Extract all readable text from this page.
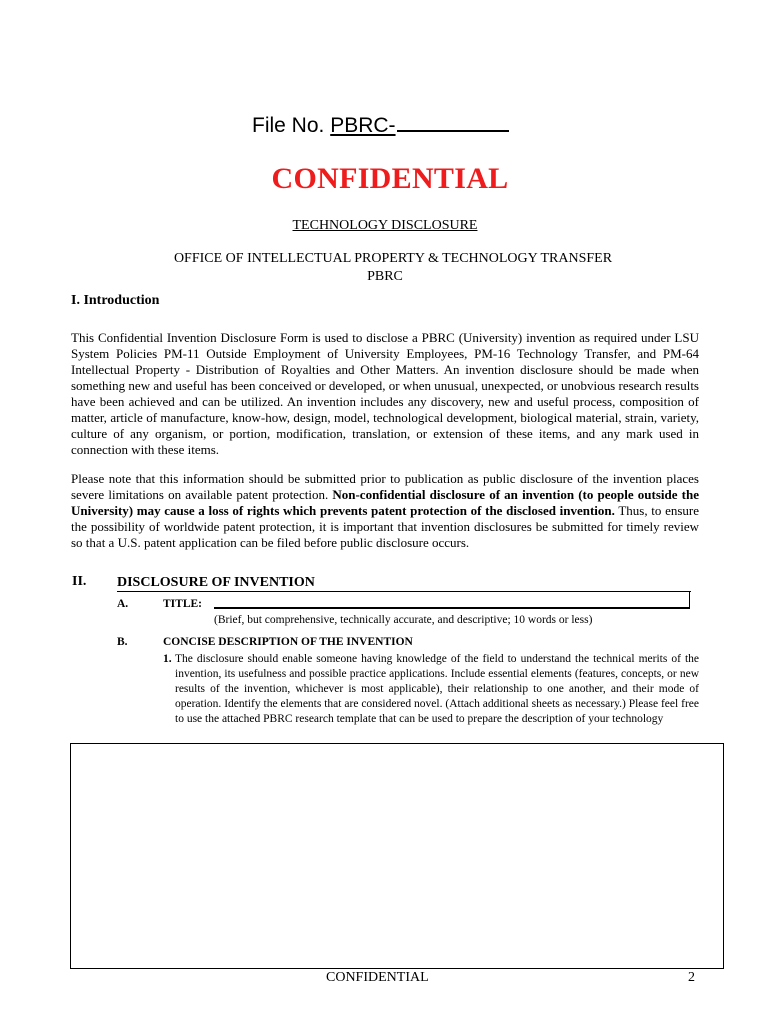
File No. PBRC-
CONFIDENTIAL
TECHNOLOGY DISCLOSURE
OFFICE OF INTELLECTUAL PROPERTY & TECHNOLOGY TRANSFER
PBRC
I. Introduction
This Confidential Invention Disclosure Form is used to disclose a PBRC (University) invention as required under LSU System Policies PM-11 Outside Employment of University Employees, PM-16 Technology Transfer, and PM-64 Intellectual Property - Distribution of Royalties and Other Matters. An invention disclosure should be made when something new and useful has been conceived or developed, or when unusual, unexpected, or unobvious research results have been achieved and can be utilized. An invention includes any discovery, new and useful process, composition of matter, article of manufacture, know-how, design, model, technological development, biological material, strain, variety, culture of any organism, or portion, modification, translation, or extension of these items, and any mark used in connection with these items.
Please note that this information should be submitted prior to publication as public disclosure of the invention places severe limitations on available patent protection. Non-confidential disclosure of an invention (to people outside the University) may cause a loss of rights which prevents patent protection of the disclosed invention. Thus, to ensure the possibility of worldwide patent protection, it is important that invention disclosures be submitted for timely review so that a U.S. patent application can be filed before public disclosure occurs.
II. DISCLOSURE OF INVENTION
A.	TITLE:
(Brief, but comprehensive, technically accurate, and descriptive; 10 words or less)
B.	CONCISE DESCRIPTION OF THE INVENTION
1. The disclosure should enable someone having knowledge of the field to understand the technical merits of the invention, its usefulness and possible practice applications. Include essential elements (features, concepts, or new results of the invention, whichever is most applicable), their relationship to one another, and their mode of operation. Identify the elements that are considered novel. (Attach additional sheets as necessary.) Please feel free to use the attached PBRC research template that can be used to prepare the description of your technology
CONFIDENTIAL	2
